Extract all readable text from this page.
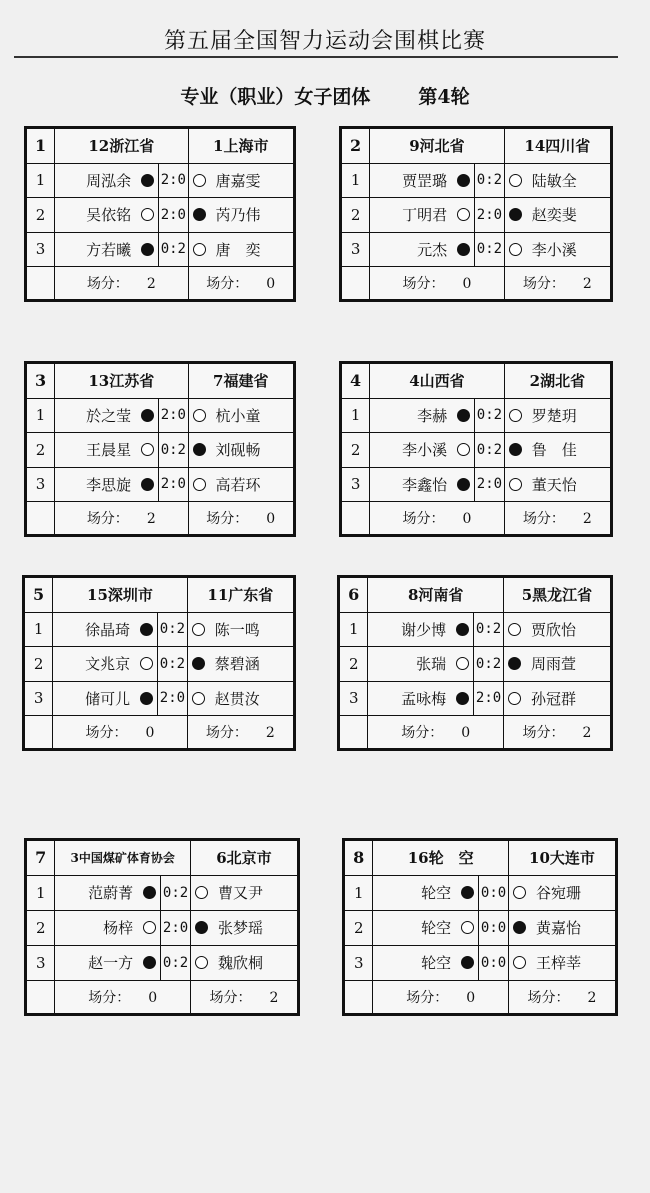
第五届全国智力运动会围棋比赛
专业（职业）女子团体	第4轮
1	12浙江省		1上海市
1	周泓余	2:0	唐嘉雯
2	吴依铭	2:0	芮乃伟
3	方若曦	0:2	唐　奕
	场分： 2		场分： 0
2	9河北省		14四川省
1	贾罡璐	0:2	陆敏全
2	丁明君	2:0	赵奕斐
3	元杰	0:2	李小溪
	场分： 0		场分： 2
3	13江苏省		7福建省
1	於之莹	2:0	杭小童
2	王晨星	0:2	刘砚畅
3	李思旋	2:0	高若环
	场分： 2		场分： 0
4	4山西省		2湖北省
1	李赫	0:2	罗楚玥
2	李小溪	0:2	鲁　佳
3	李鑫怡	2:0	董天怡
	场分： 0		场分： 2
5	15深圳市		11广东省
1	徐晶琦	0:2	陈一鸣
2	文兆京	0:2	蔡碧涵
3	储可儿	2:0	赵贯汝
	场分： 0		场分： 2
6	8河南省		5黑龙江省
1	谢少博	0:2	贾欣怡
2	张瑞	0:2	周雨萱
3	孟咏梅	2:0	孙冠群
	场分： 0		场分： 2
7	3中国煤矿体育协会		6北京市
1	范蔚菁	0:2	曹又尹
2	杨梓	2:0	张梦瑶
3	赵一方	0:2	魏欣桐
	场分： 0		场分： 2
8	16轮　空		10大连市
1	轮空	0:0	谷宛珊
2	轮空	0:0	黄嘉怡
3	轮空	0:0	王梓莘
	场分： 0		场分： 2
